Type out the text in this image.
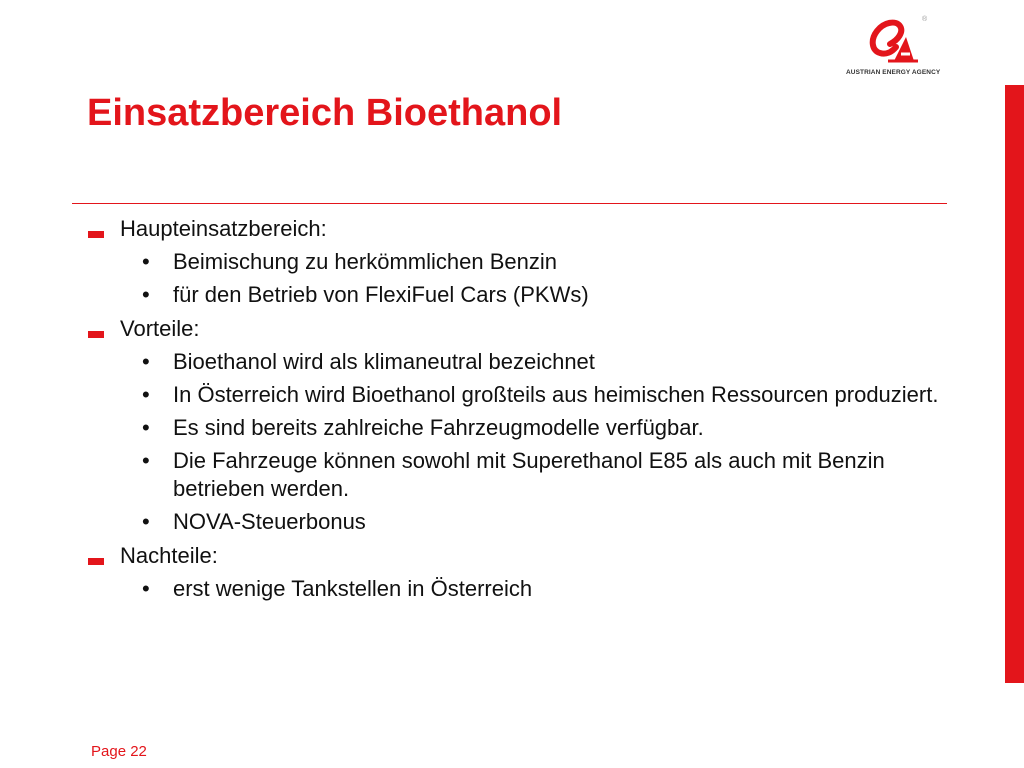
®
AUSTRIAN ENERGY AGENCY
Einsatzbereich Bioethanol
Haupteinsatzbereich:
• Beimischung zu herkömmlichen Benzin
• für den Betrieb von FlexiFuel Cars (PKWs)
Vorteile:
• Bioethanol wird als klimaneutral bezeichnet
• In Österreich wird Bioethanol großteils aus heimischen Ressourcen produziert.
• Es sind bereits zahlreiche Fahrzeugmodelle verfügbar.
• Die Fahrzeuge können sowohl mit Superethanol E85 als auch mit Benzin betrieben werden.
• NOVA-Steuerbonus
Nachteile:
• erst wenige Tankstellen in Österreich
Page 22
